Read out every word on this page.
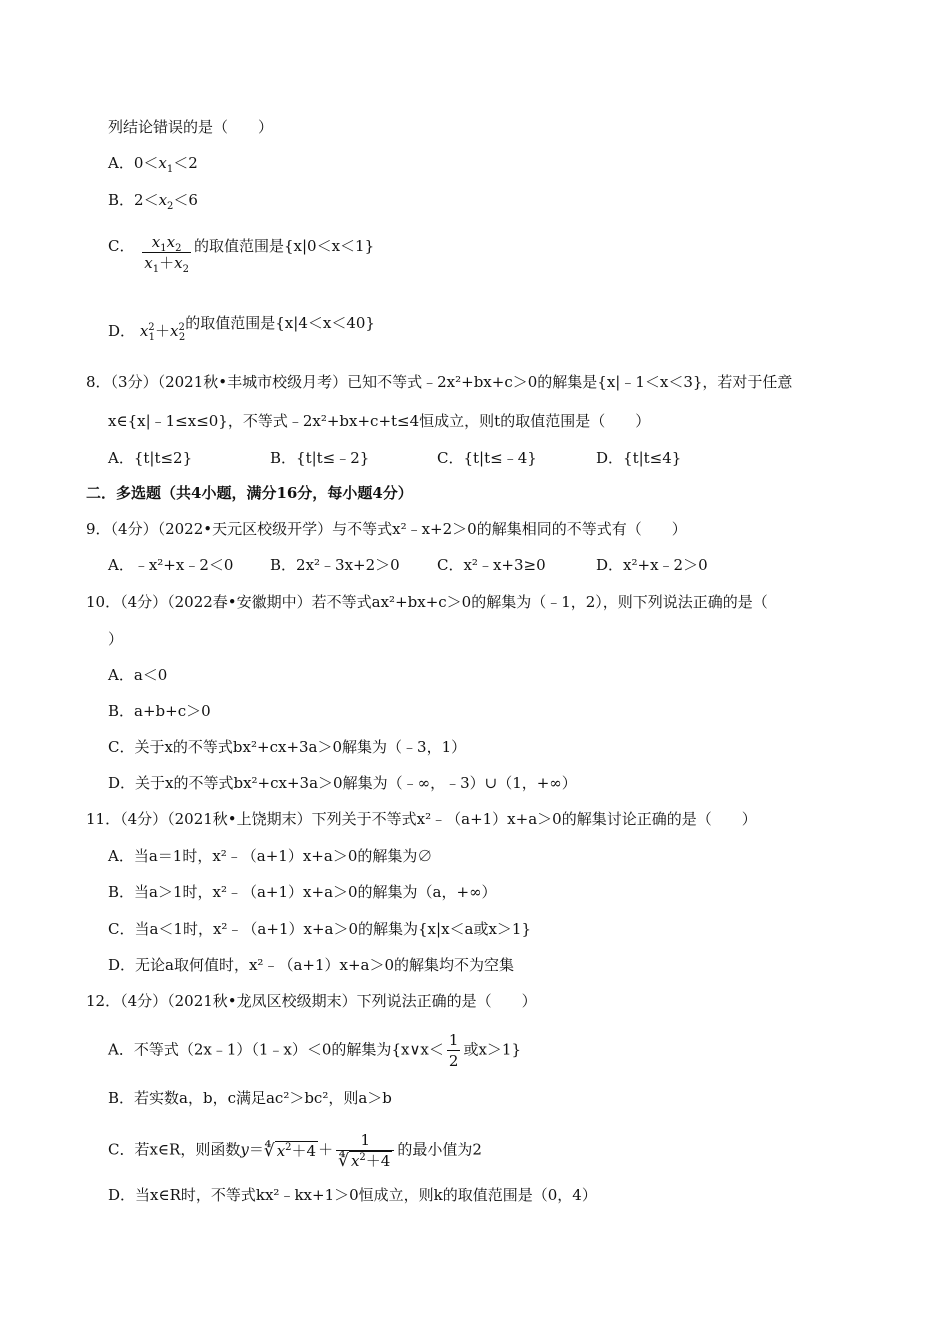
列结论错误的是（　　）
A．$0<x_1<2$
B．$2<x_2<6$
C． $\frac{x_1x_2}{x_1+x_2}$ 的取值范围是{x|0＜x＜1}
D． $x^2_1+x^2_2$的取值范围是{x|4＜x＜40}
8．（3分）（2021秋•丰城市校级月考）已知不等式﹣2x²+bx+c＞0的解集是{x|﹣1＜x＜3}，若对于任意
x∈{x|﹣1≤x≤0}，不等式﹣2x²+bx+c+t≤4恒成立，则t的取值范围是（　　）
A．{t|t≤2}	B．{t|t≤﹣2}	C．{t|t≤﹣4}	D．{t|t≤4}
二．多选题（共4小题，满分16分，每小题4分）
9．（4分）（2022•天元区校级开学）与不等式x²﹣x+2＞0的解集相同的不等式有（　　）
A．﹣x²+x﹣2＜0 B．2x²﹣3x+2＞0 C．x²﹣x+3≥0	D．x²+x﹣2＞0
10．（4分）（2022春•安徽期中）若不等式ax²+bx+c＞0的解集为（﹣1，2），则下列说法正确的是（
）
A．a＜0
B．a+b+c＞0
C．关于x的不等式bx²+cx+3a＞0解集为（﹣3，1）
D．关于x的不等式bx²+cx+3a＞0解集为（﹣∞，﹣3）∪（1，+∞）
11．（4分）（2021秋•上饶期末）下列关于不等式x²﹣（a+1）x+a＞0的解集讨论正确的是（　　）
A．当a＝1时，x²﹣（a+1）x+a＞0的解集为∅
B．当a＞1时，x²﹣（a+1）x+a＞0的解集为（a，+∞）
C．当a＜1时，x²﹣（a+1）x+a＞0的解集为{x|x＜a或x＞1}
D．无论a取何值时，x²﹣（a+1）x+a＞0的解集均不为空集
12．（4分）（2021秋•龙凤区校级期末）下列说法正确的是（　　）
A．不等式（2x﹣1）（1﹣x）＜0的解集为{x∨x＜ $\frac{1}{2}$ 或x＞1}
B．若实数a，b，c满足ac²＞bc²，则a＞b
C．若x∈R，则函数y＝∜ $x^2+4 + \frac{1}{∜ x^2+4}$ 的最小值为2
D．当x∈R时，不等式kx²﹣kx+1＞0恒成立，则k的取值范围是（0，4）
